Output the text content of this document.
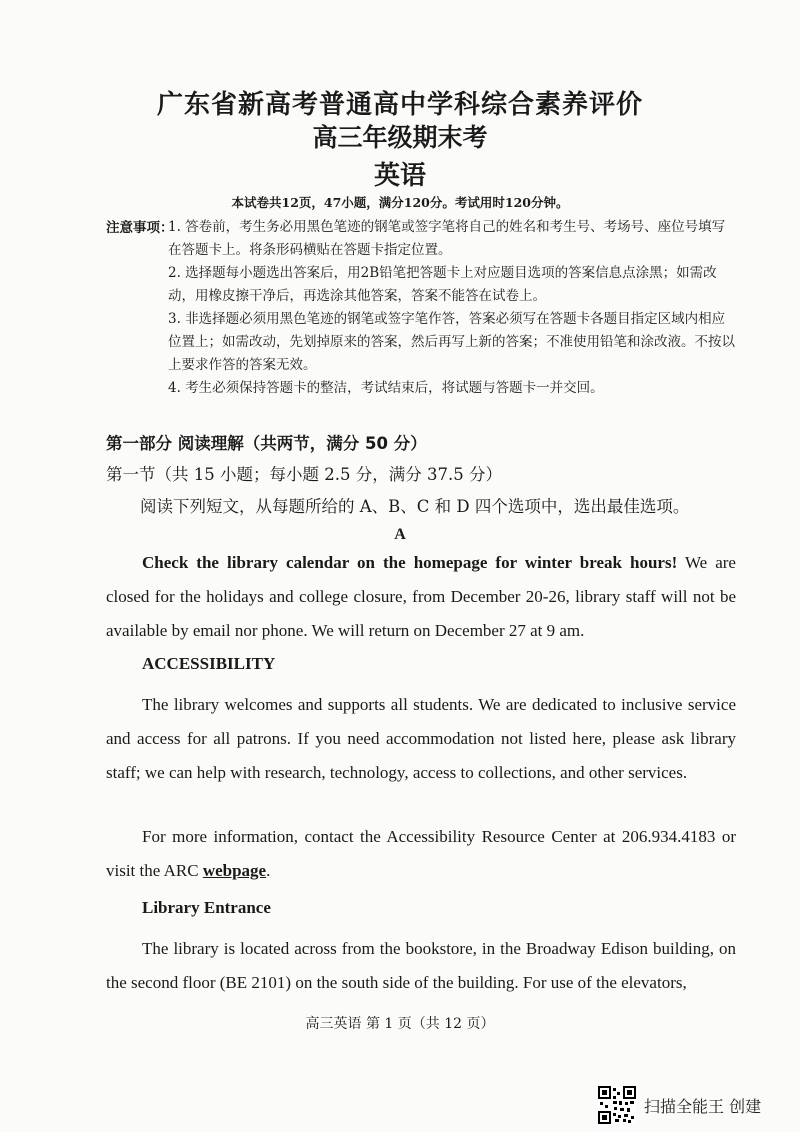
广东省新高考普通高中学科综合素养评价
高三年级期末考
英语
本试卷共12页，47小题，满分120分。考试用时120分钟。
注意事项：
1. 答卷前，考生务必用黑色笔迹的钢笔或签字笔将自己的姓名和考生号、考场号、座位号填写在答题卡上。将条形码横贴在答题卡指定位置。
2. 选择题每小题选出答案后，用2B铅笔把答题卡上对应题目选项的答案信息点涂黑；如需改动，用橡皮擦干净后，再选涂其他答案，答案不能答在试卷上。
3. 非选择题必须用黑色笔迹的钢笔或签字笔作答，答案必须写在答题卡各题目指定区域内相应位置上；如需改动，先划掉原来的答案，然后再写上新的答案；不准使用铅笔和涂改液。不按以上要求作答的答案无效。
4. 考生必须保持答题卡的整洁，考试结束后，将试题与答题卡一并交回。
第一部分 阅读理解（共两节，满分 50 分）
第一节（共 15 小题；每小题 2.5 分，满分 37.5 分）
阅读下列短文，从每题所给的 A、B、C 和 D 四个选项中，选出最佳选项。
A
Check the library calendar on the homepage for winter break hours! We are closed for the holidays and college closure, from December 20-26, library staff will not be available by email nor phone. We will return on December 27 at 9 am.
ACCESSIBILITY
The library welcomes and supports all students. We are dedicated to inclusive service and access for all patrons. If you need accommodation not listed here, please ask library staff; we can help with research, technology, access to collections, and other services.
For more information, contact the Accessibility Resource Center at 206.934.4183 or visit the ARC webpage.
Library Entrance
The library is located across from the bookstore, in the Broadway Edison building, on the second floor (BE 2101) on the south side of the building. For use of the elevators,
高三英语 第 1 页（共 12 页）
扫描全能王 创建
